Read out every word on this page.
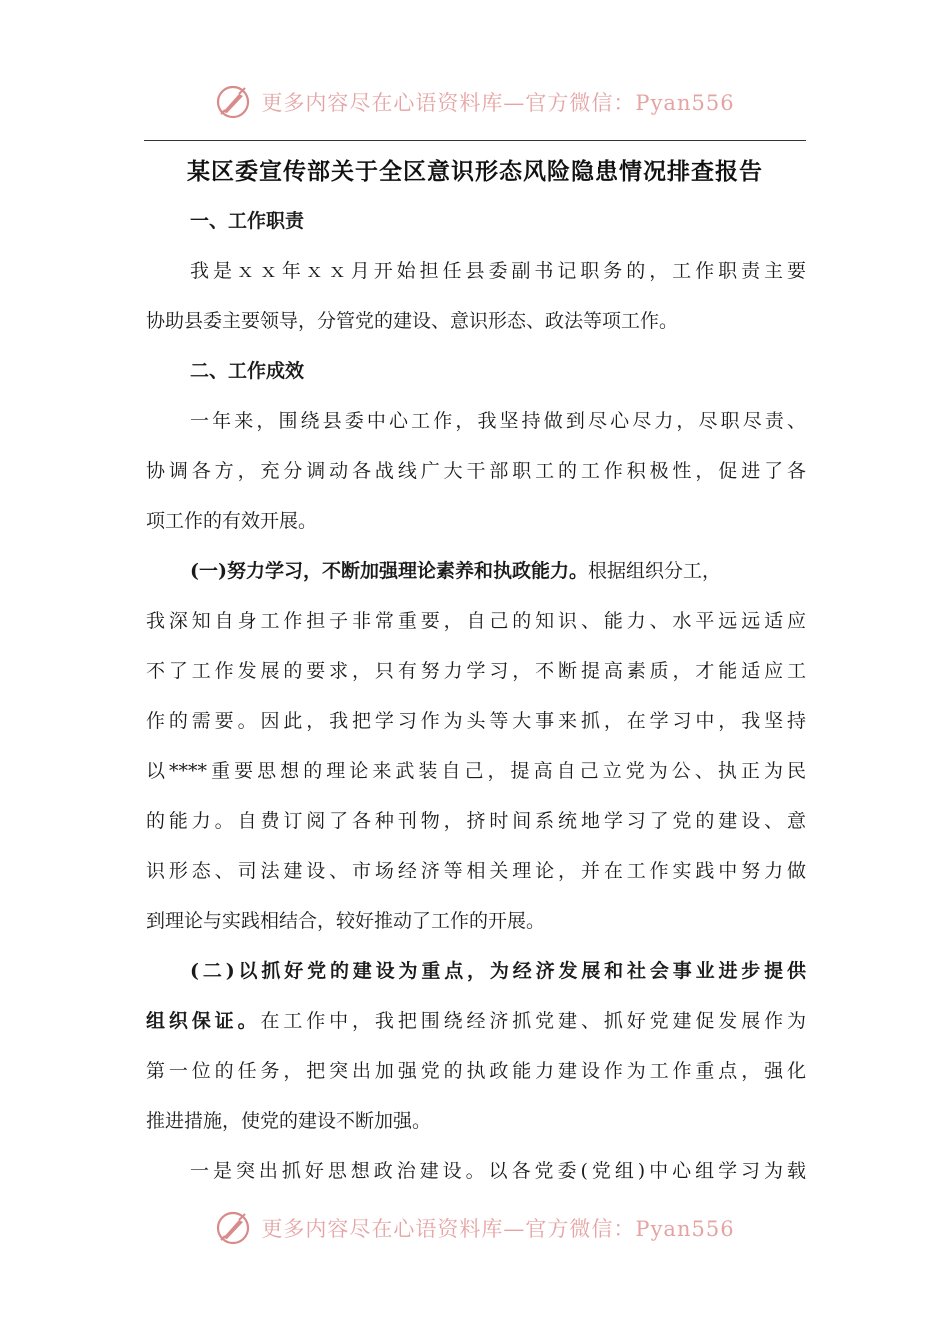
更多内容尽在心语资料库—官方微信：Pyan556
某区委宣传部关于全区意识形态风险隐患情况排查报告
一、工作职责
我是ｘｘ年ｘｘ月开始担任县委副书记职务的，工作职责主要
协助县委主要领导，分管党的建设、意识形态、政法等项工作。
二、工作成效
一年来，围绕县委中心工作，我坚持做到尽心尽力，尽职尽责、
协调各方，充分调动各战线广大干部职工的工作积极性，促进了各
项工作的有效开展。
(一)努力学习，不断加强理论素养和执政能力。根据组织分工，
我深知自身工作担子非常重要，自己的知识、能力、水平远远适应
不了工作发展的要求，只有努力学习，不断提高素质，才能适应工
作的需要。因此，我把学习作为头等大事来抓，在学习中，我坚持
以****重要思想的理论来武装自己，提高自己立党为公、执正为民
的能力。自费订阅了各种刊物，挤时间系统地学习了党的建设、意
识形态、司法建设、市场经济等相关理论，并在工作实践中努力做
到理论与实践相结合，较好推动了工作的开展。
(二)以抓好党的建设为重点，为经济发展和社会事业进步提供
组织保证。在工作中，我把围绕经济抓党建、抓好党建促发展作为
第一位的任务，把突出加强党的执政能力建设作为工作重点，强化
推进措施，使党的建设不断加强。
一是突出抓好思想政治建设。以各党委(党组)中心组学习为载
更多内容尽在心语资料库—官方微信：Pyan556
